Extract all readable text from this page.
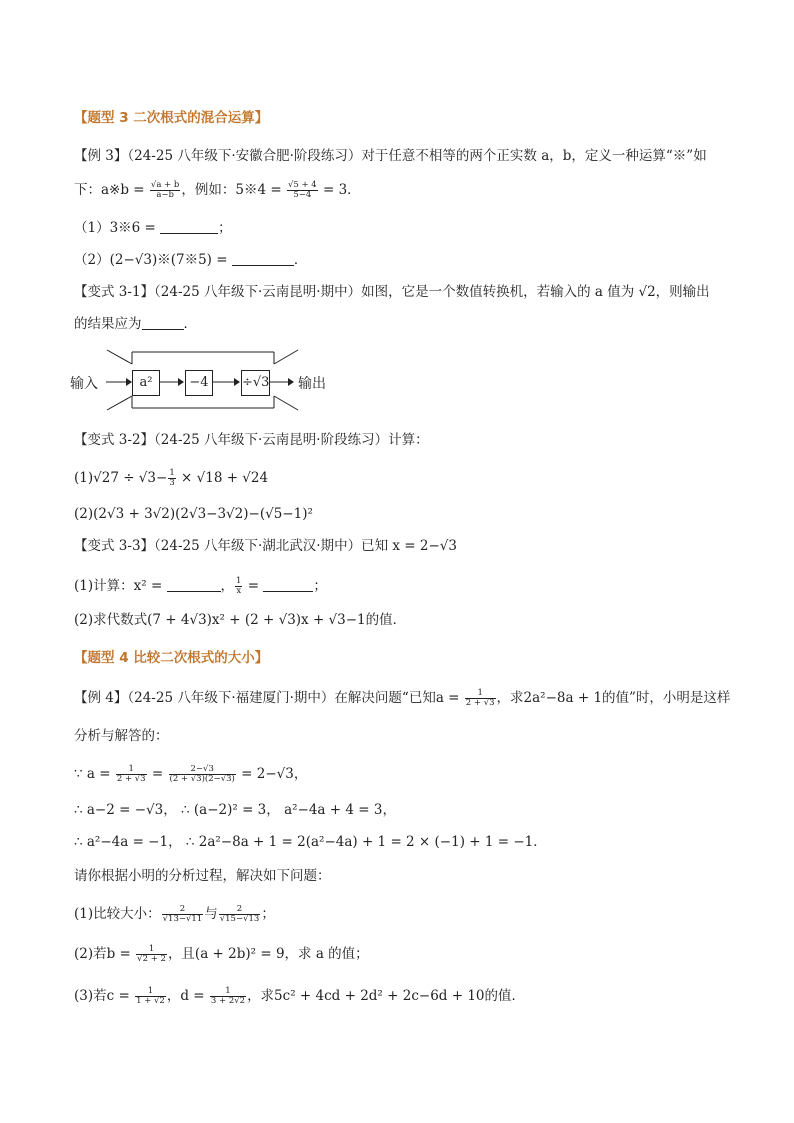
【题型 3 二次根式的混合运算】
【例 3】（24-25 八年级下·安徽合肥·阶段练习）对于任意不相等的两个正实数 a，b，定义一种运算“※”如
下：a※b = $\frac{√a + b}{a-b}$ ，例如：5※4 = $\frac{√5 + 4}{5-4} = 3$．
（1）3※6 =	；
（2）(2−√3)※(7※5) =	．
【变式 3-1】（24-25 八年级下·云南昆明·期中）如图，它是一个数值转换机，若输入的 a 值为 √2，则输出
的结果应为	．
输入	a²	−4	÷√3 输出
【变式 3-2】（24-25 八年级下·云南昆明·阶段练习）计算：
$(1)√27 \div √3- \frac{1}{3} \times √18 + √24$
(2)(2√3 + 3√2)(2√3−3√2)−(√5−1)²
【变式 3-3】（24-25 八年级下·湖北武汉·期中）已知 x = 2−√3
(1)计算：x² =	， $\frac{1}{x}$ =	；
(2)求代数式(7 + 4√3)x² + (2 + √3)x + √3−1的值．
【题型 4 比较二次根式的大小】
【例 4】（24-25 八年级下·福建厦门·期中）在解决问题“已知$a = \frac{1}{2 + √3}$ ，求2a²−8a + 1的值”时，小明是这样
分析与解答的：
∵ $a = \frac{1}{2 + √3} = \frac{2-√3}{(2 + √3)(2-√3)} = 2-√3$，
∴ a−2 = −√3， ∴ (a−2)² = 3， a²−4a + 4 = 3，
∴ a²−4a = −1， ∴ 2a²−8a + 1 = 2(a²−4a) + 1 = 2 × (−1) + 1 = −1．
请你根据小明的分析过程，解决如下问题：
(1)比较大小： $\frac{2}{√13-√11}$ 与 $\frac{2}{√15-√13}$ ；
(2)若$b = \frac{1}{√2 + 2}$ ，且(a + 2b)² = 9，求 a 的值；
(3)若$c = \frac{1}{1 + √2}$ ，$d = \frac{1}{3 + 2√2}$ ，求5c² + 4cd + 2d² + 2c−6d + 10的值．
